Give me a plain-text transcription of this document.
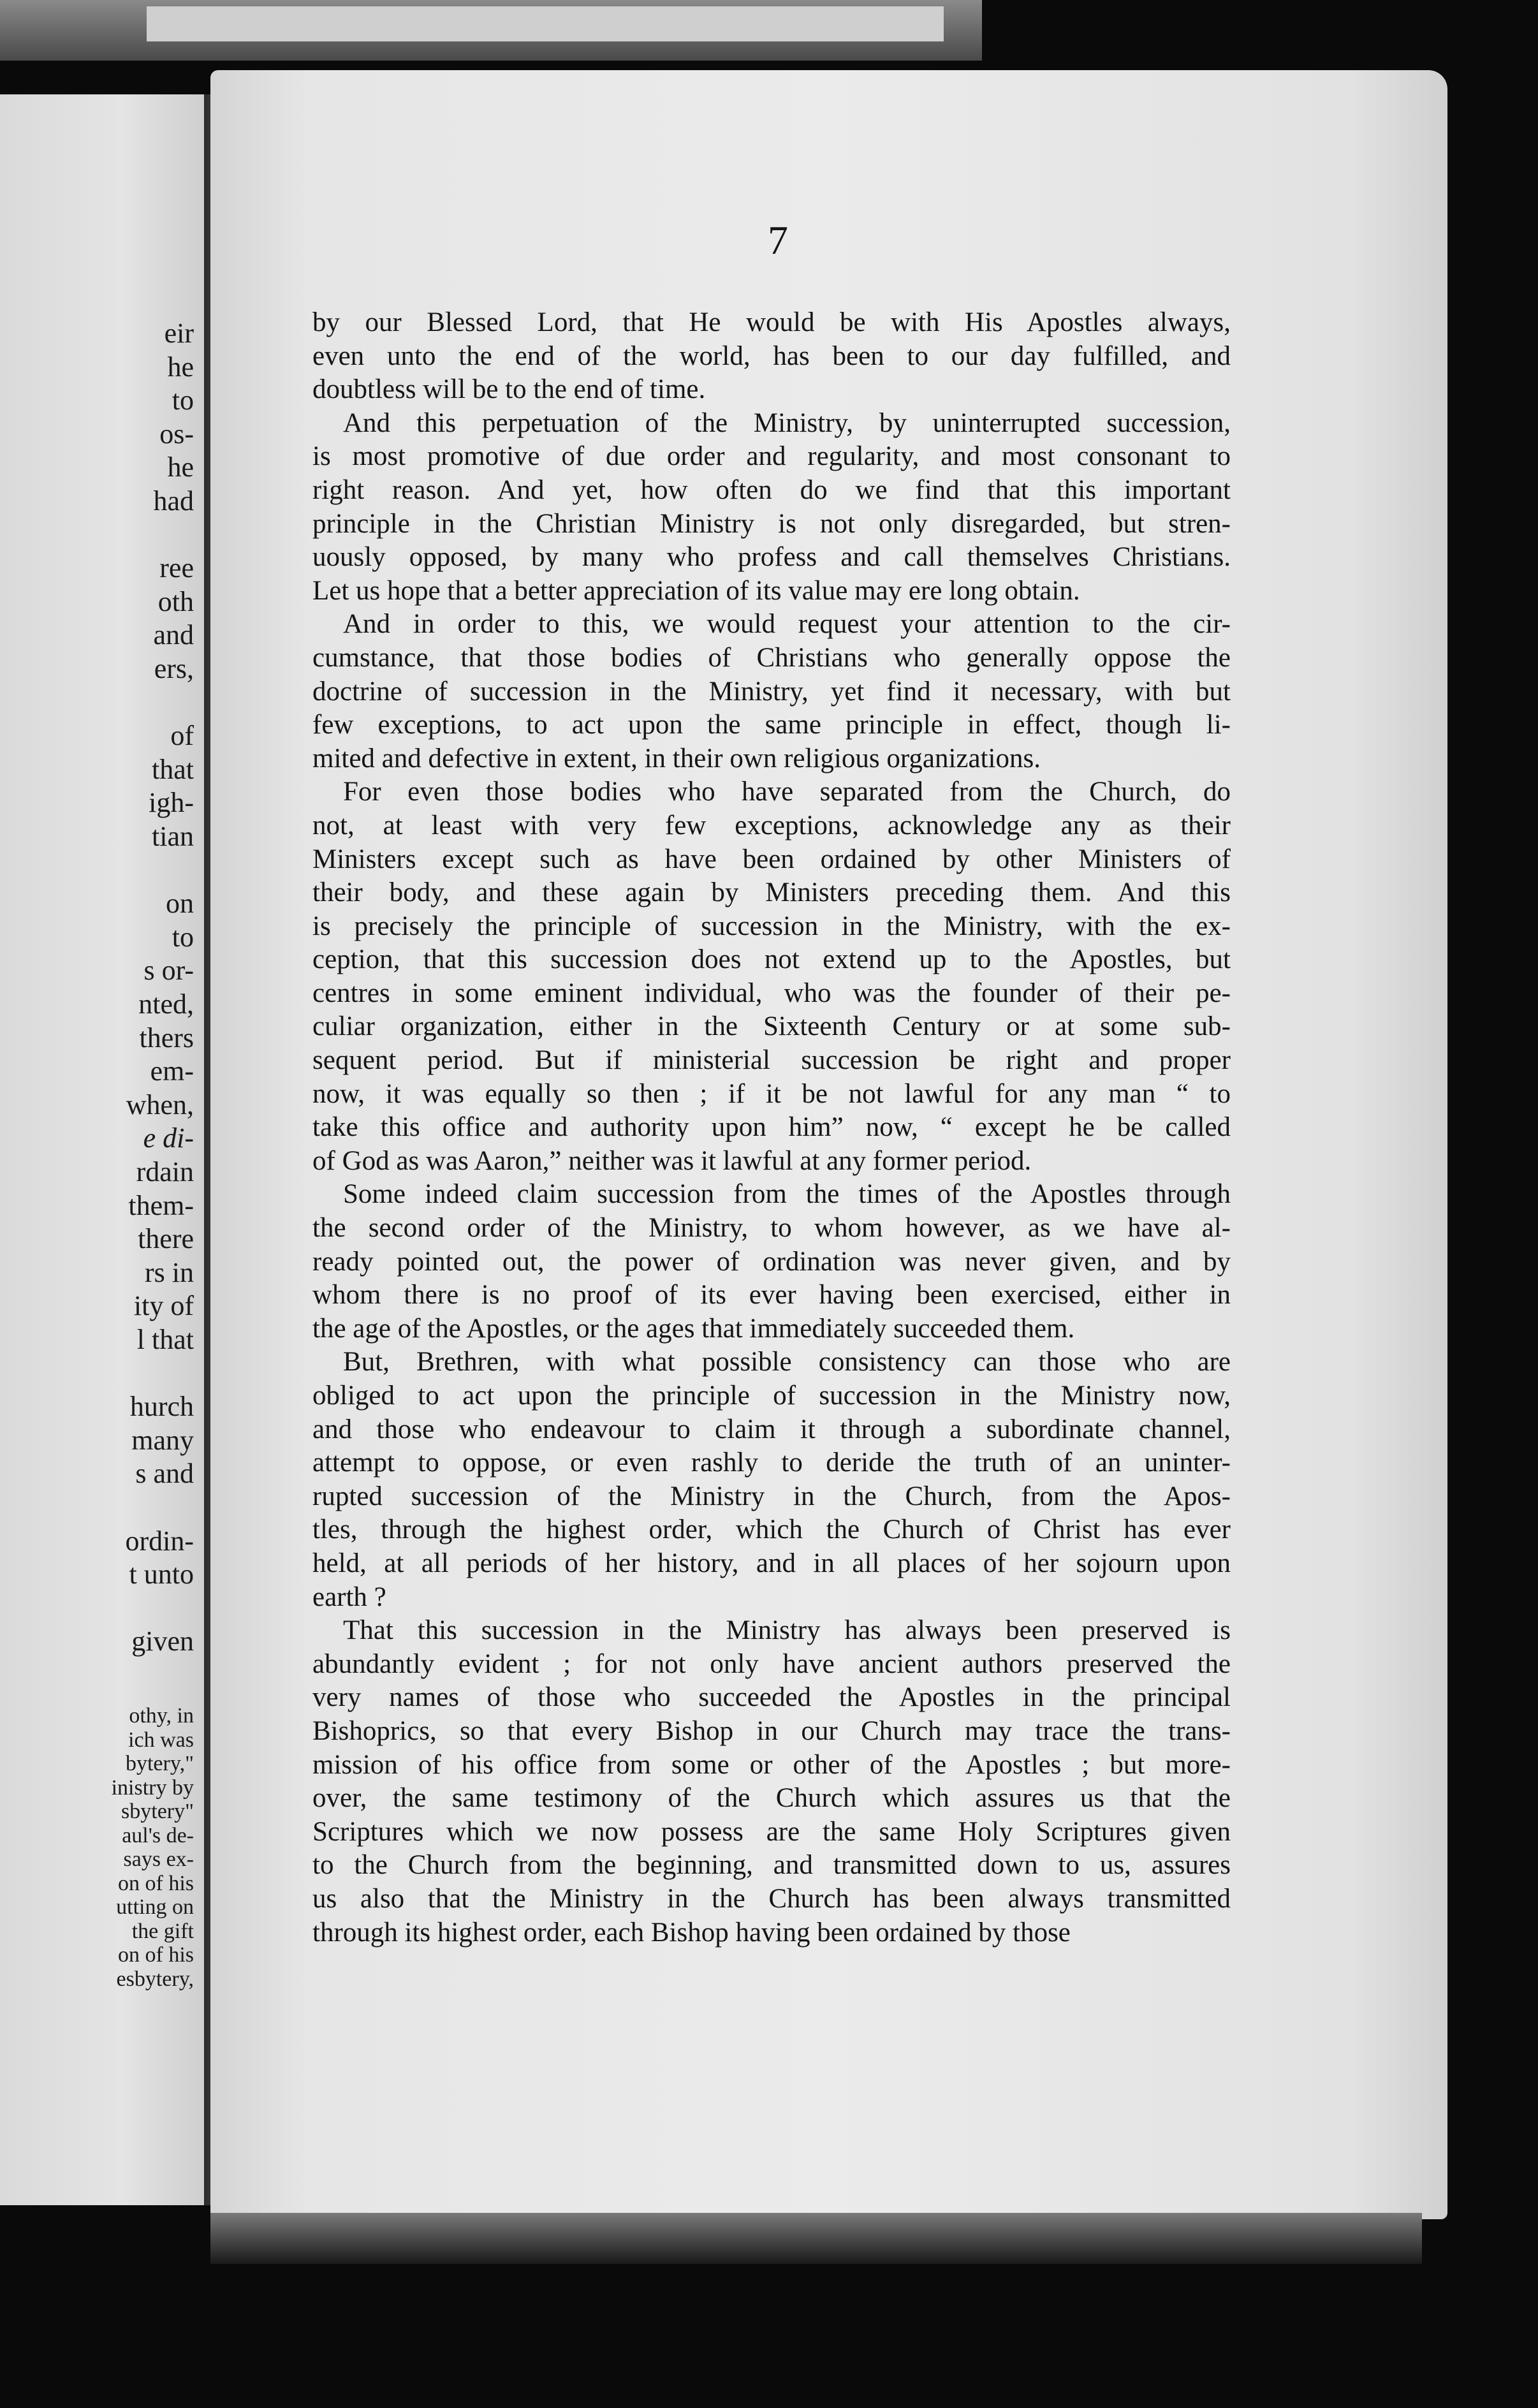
eir
he
to
os-
he
had
ree
oth
and
ers,
of
that
igh-
tian
on
to
s or-
nted,
thers
em-
when,
e di-
rdain
them-
there
rs in
ity of
l that
hurch
many
s and
ordin-
t unto
given
othy, in
ich was
bytery,"
inistry by
sbytery"
aul's de-
says ex-
on of his
utting on
the gift
on of his
esbytery,
7

by our Blessed Lord, that He would be with His Apostles always,
even unto the end of the world, has been to our day fulfilled, and
doubtless will be to the end of time.

And this perpetuation of the Ministry, by uninterrupted succession,
is most promotive of due order and regularity, and most consonant to
right reason. And yet, how often do we find that this important
principle in the Christian Ministry is not only disregarded, but stren-
uously opposed, by many who profess and call themselves Christians.
Let us hope that a better appreciation of its value may ere long obtain.

And in order to this, we would request your attention to the cir-
cumstance, that those bodies of Christians who generally oppose the
doctrine of succession in the Ministry, yet find it necessary, with but
few exceptions, to act upon the same principle in effect, though li-
mited and defective in extent, in their own religious organizations.

For even those bodies who have separated from the Church, do
not, at least with very few exceptions, acknowledge any as their
Ministers except such as have been ordained by other Ministers of
their body, and these again by Ministers preceding them. And this
is precisely the principle of succession in the Ministry, with the ex-
ception, that this succession does not extend up to the Apostles, but
centres in some eminent individual, who was the founder of their pe-
culiar organization, either in the Sixteenth Century or at some sub-
sequent period. But if ministerial succession be right and proper
now, it was equally so then ; if it be not lawful for any man “ to
take this office and authority upon him” now, “ except he be called
of God as was Aaron,” neither was it lawful at any former period.

Some indeed claim succession from the times of the Apostles through
the second order of the Ministry, to whom however, as we have al-
ready pointed out, the power of ordination was never given, and by
whom there is no proof of its ever having been exercised, either in
the age of the Apostles, or the ages that immediately succeeded them.

But, Brethren, with what possible consistency can those who are
obliged to act upon the principle of succession in the Ministry now,
and those who endeavour to claim it through a subordinate channel,
attempt to oppose, or even rashly to deride the truth of an uninter-
rupted succession of the Ministry in the Church, from the Apos-
tles, through the highest order, which the Church of Christ has ever
held, at all periods of her history, and in all places of her sojourn upon
earth ?

That this succession in the Ministry has always been preserved is
abundantly evident ; for not only have ancient authors preserved the
very names of those who succeeded the Apostles in the principal
Bishoprics, so that every Bishop in our Church may trace the trans-
mission of his office from some or other of the Apostles ; but more-
over, the same testimony of the Church which assures us that the
Scriptures which we now possess are the same Holy Scriptures given
to the Church from the beginning, and transmitted down to us, assures
us also that the Ministry in the Church has been always transmitted
through its highest order, each Bishop having been ordained by those
